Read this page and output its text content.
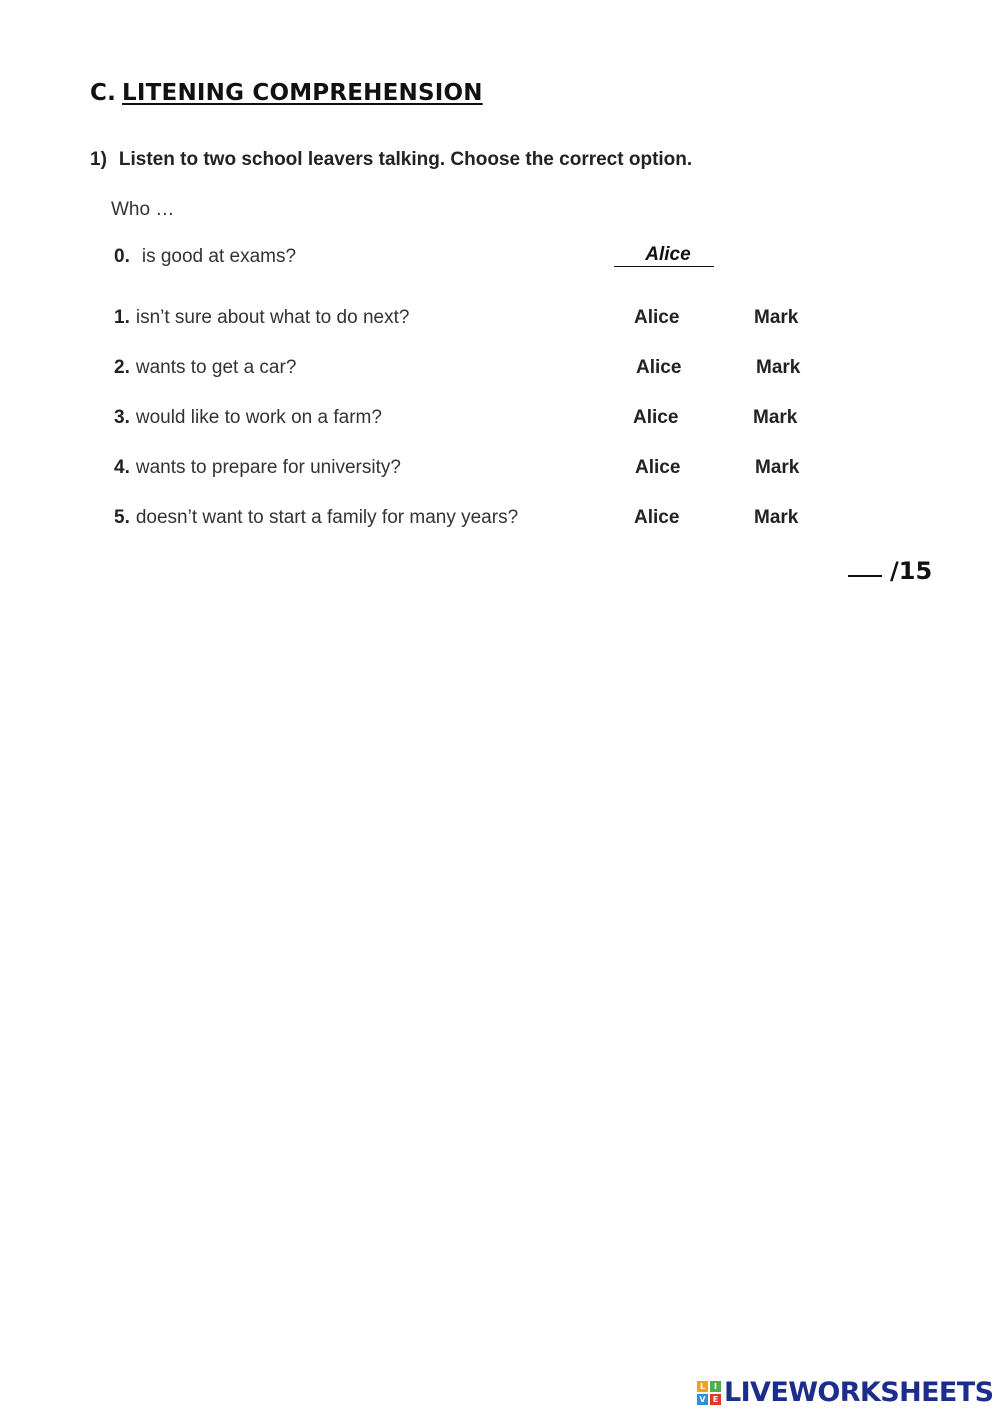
C. LITENING COMPREHENSION
1) Listen to two school leavers talking. Choose the correct option.
Who …
0. is good at exams?	Alice
1. isn’t sure about what to do next?	Alice	Mark
2. wants to get a car?	Alice	Mark
3. would like to work on a farm?	Alice	Mark
4. wants to prepare for university?	Alice	Mark
5. doesn’t want to start a family for many years?	Alice	Mark
/15
L	I
V E LIVEWORKSHEETS
